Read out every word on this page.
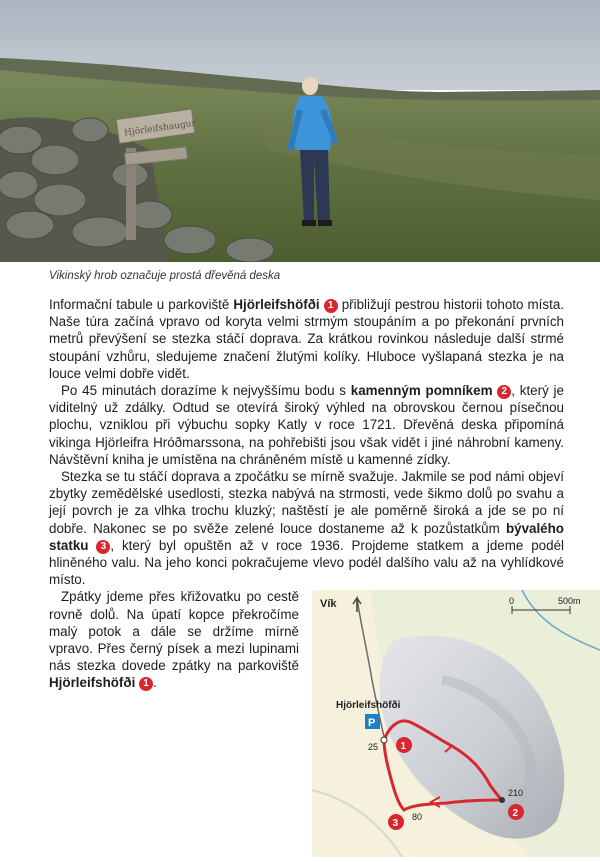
Hjörleifshaugur
Vikinský hrob označuje prostá dřevěná deska

Informační tabule u parkoviště Hjörleifshöfði 1 přibližují pestrou historii tohoto místa. Naše túra začíná vpravo od koryta velmi strmým stoupáním a po překonání prvních metrů převýšení se stezka stáčí doprava. Za krátkou rovinkou následuje další strmé stoupání vzhůru, sledujeme značení žlutými kolíky. Hluboce vyšlapaná stezka je na louce velmi dobře vidět.

Po 45 minutách dorazíme k nejvyššímu bodu s kamenným pomníkem 2 , který je viditelný už zdálky. Odtud se otevírá široký výhled na obrovskou černou písečnou plochu, vzniklou při výbuchu sopky Katly v roce 1721. Dřevěná deska připomíná vikinga Hjörleifra Hróðmarssona, na pohřebišti jsou však vidět i jiné náhrobní kameny. Návštěvní kniha je umístěna na chráněném místě u kamenné zídky.

Stezka se tu stáčí doprava a zpočátku se mírně svažuje. Jakmile se pod námi objeví zbytky zemědělské usedlosti, stezka nabývá na strmosti, vede šikmo dolů po svahu a její povrch je za vlhka trochu kluzký; naštěstí je ale poměrně široká a jde se po ní dobře. Nakonec se po svěže zelené louce dostaneme až k pozůstatkům bývalého statku 3 , který byl opuštěn až v roce 1936. Projdeme statkem a jdeme podél hliněného valu. Na jeho konci pokračujeme vlevo podél dalšího valu až na vyhlídkové místo.

Zpátky jdeme přes křižovatku po cestě rovně dolů. Na úpatí kopce překročíme malý potok a dále se držíme mírně vpravo. Přes černý písek a mezi lupinami nás stezka dovede zpátky na parkoviště Hjörleifshöfði 1 .

Vík	0	500m
P
Hjörleifshöfði
25
210
80
1
2
3
